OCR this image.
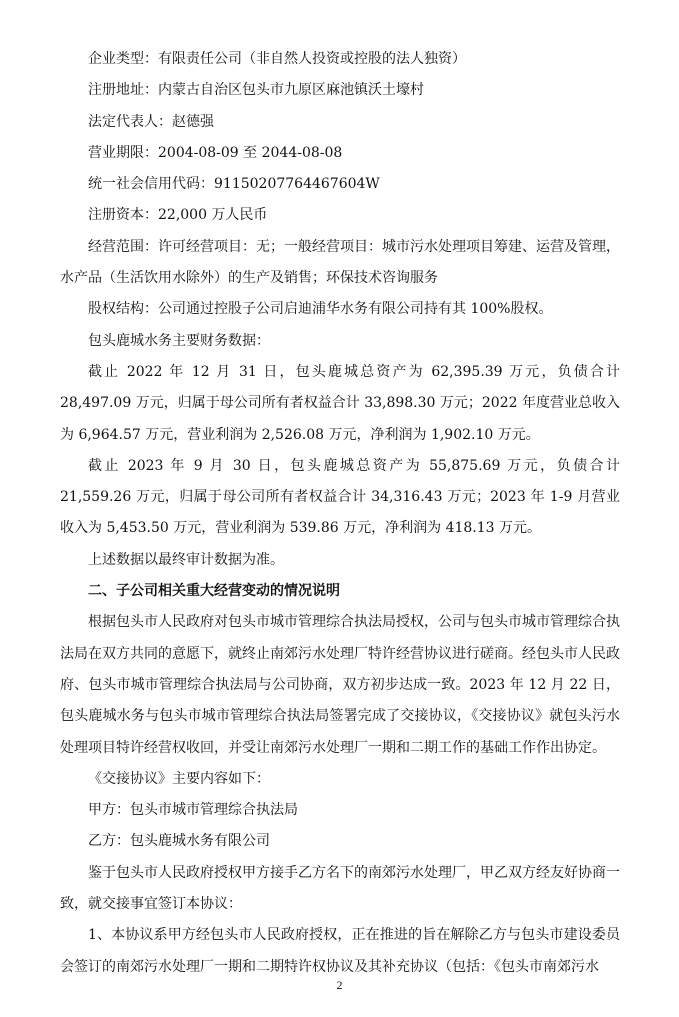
企业类型：有限责任公司（非自然人投资或控股的法人独资）

注册地址：内蒙古自治区包头市九原区麻池镇沃土壕村

法定代表人：赵德强

营业期限：2004-08-09 至 2044-08-08

统一社会信用代码：91150207764467604W

注册资本：22,000 万人民币

经营范围：许可经营项目：无；一般经营项目：城市污水处理项目筹建、运营及管理，水产品（生活饮用水除外）的生产及销售；环保技术咨询服务

股权结构：公司通过控股子公司启迪浦华水务有限公司持有其 100%股权。

包头鹿城水务主要财务数据：

截止 2022 年 12 月 31 日，包头鹿城总资产为 62,395.39 万元，负债合计 28,497.09 万元，归属于母公司所有者权益合计 33,898.30 万元；2022 年度营业总收入为 6,964.57 万元，营业利润为 2,526.08 万元，净利润为 1,902.10 万元。

截止 2023 年 9 月 30 日，包头鹿城总资产为 55,875.69 万元，负债合计 21,559.26 万元，归属于母公司所有者权益合计 34,316.43 万元；2023 年 1-9 月营业收入为 5,453.50 万元，营业利润为 539.86 万元，净利润为 418.13 万元。

上述数据以最终审计数据为准。

二、子公司相关重大经营变动的情况说明

根据包头市人民政府对包头市城市管理综合执法局授权，公司与包头市城市管理综合执法局在双方共同的意愿下，就终止南郊污水处理厂特许经营协议进行磋商。经包头市人民政府、包头市城市管理综合执法局与公司协商，双方初步达成一致。2023 年 12 月 22 日，包头鹿城水务与包头市城市管理综合执法局签署完成了交接协议，《交接协议》就包头污水处理项目特许经营权收回，并受让南郊污水处理厂一期和二期工作的基础工作作出协定。

《交接协议》主要内容如下：

甲方：包头市城市管理综合执法局

乙方：包头鹿城水务有限公司

鉴于包头市人民政府授权甲方接手乙方名下的南郊污水处理厂，甲乙双方经友好协商一致，就交接事宜签订本协议：

1、本协议系甲方经包头市人民政府授权，正在推进的旨在解除乙方与包头市建设委员会签订的南郊污水处理厂一期和二期特许权协议及其补充协议（包括：《包头市南郊污水

2
